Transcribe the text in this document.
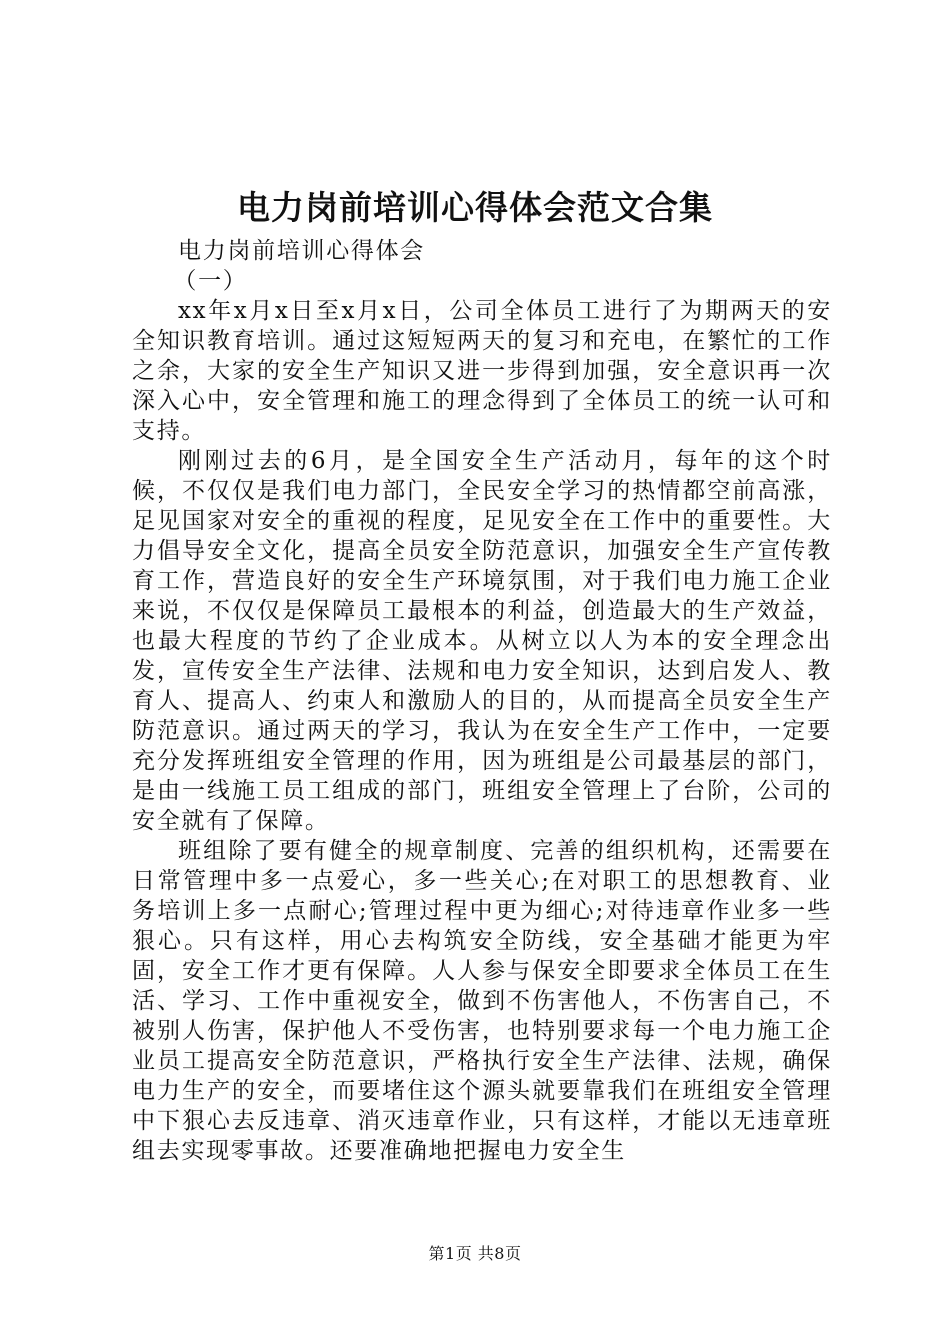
电力岗前培训心得体会范文合集

电力岗前培训心得体会

（一）

xx年x月x日至x月x日，公司全体员工进行了为期两天的安全知识教育培训。通过这短短两天的复习和充电，在繁忙的工作之余，大家的安全生产知识又进一步得到加强，安全意识再一次深入心中，安全管理和施工的理念得到了全体员工的统一认可和支持。

刚刚过去的6月，是全国安全生产活动月，每年的这个时候，不仅仅是我们电力部门，全民安全学习的热情都空前高涨，足见国家对安全的重视的程度，足见安全在工作中的重要性。大力倡导安全文化，提高全员安全防范意识，加强安全生产宣传教育工作，营造良好的安全生产环境氛围，对于我们电力施工企业来说，不仅仅是保障员工最根本的利益，创造最大的生产效益，也最大程度的节约了企业成本。从树立以人为本的安全理念出发，宣传安全生产法律、法规和电力安全知识，达到启发人、教育人、提高人、约束人和激励人的目的，从而提高全员安全生产防范意识。通过两天的学习，我认为在安全生产工作中，一定要充分发挥班组安全管理的作用，因为班组是公司最基层的部门，是由一线施工员工组成的部门，班组安全管理上了台阶，公司的安全就有了保障。

班组除了要有健全的规章制度、完善的组织机构，还需要在日常管理中多一点爱心，多一些关心;在对职工的思想教育、业务培训上多一点耐心;管理过程中更为细心;对待违章作业多一些狠心。只有这样，用心去构筑安全防线，安全基础才能更为牢固，安全工作才更有保障。人人参与保安全即要求全体员工在生活、学习、工作中重视安全，做到不伤害他人，不伤害自己，不被别人伤害，保护他人不受伤害，也特别要求每一个电力施工企业员工提高安全防范意识，严格执行安全生产法律、法规，确保电力生产的安全，而要堵住这个源头就要靠我们在班组安全管理中下狠心去反违章、消灭违章作业，只有这样，才能以无违章班组去实现零事故。还要准确地把握电力安全生

第1页 共8页
